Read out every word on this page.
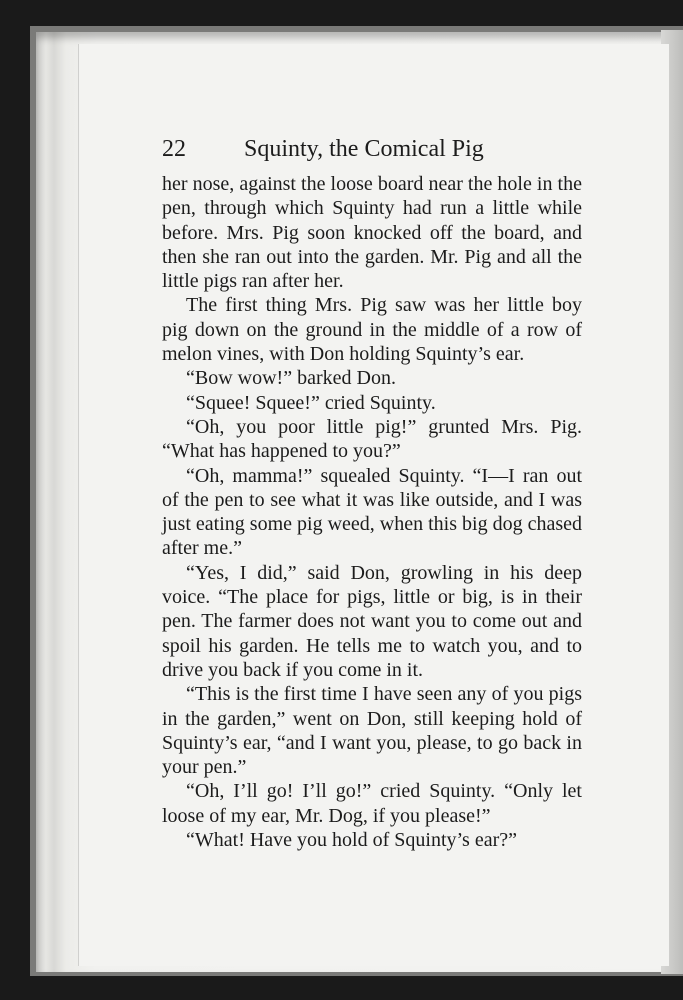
22 Squinty, the Comical Pig

her nose, against the loose board near the hole in the pen, through which Squinty had run a little while before. Mrs. Pig soon knocked off the board, and then she ran out into the garden. Mr. Pig and all the little pigs ran after her.

The first thing Mrs. Pig saw was her little boy pig down on the ground in the middle of a row of melon vines, with Don holding Squinty’s ear.

“Bow wow!” barked Don.

“Squee! Squee!” cried Squinty.

“Oh, you poor little pig!” grunted Mrs. Pig. “What has happened to you?”

“Oh, mamma!” squealed Squinty. “I—I ran out of the pen to see what it was like outside, and I was just eating some pig weed, when this big dog chased after me.”

“Yes, I did,” said Don, growling in his deep voice. “The place for pigs, little or big, is in their pen. The farmer does not want you to come out and spoil his garden. He tells me to watch you, and to drive you back if you come in it.

“This is the first time I have seen any of you pigs in the garden,” went on Don, still keeping hold of Squinty’s ear, “and I want you, please, to go back in your pen.”

“Oh, I’ll go! I’ll go!” cried Squinty. “Only let loose of my ear, Mr. Dog, if you please!”

“What! Have you hold of Squinty’s ear?”
